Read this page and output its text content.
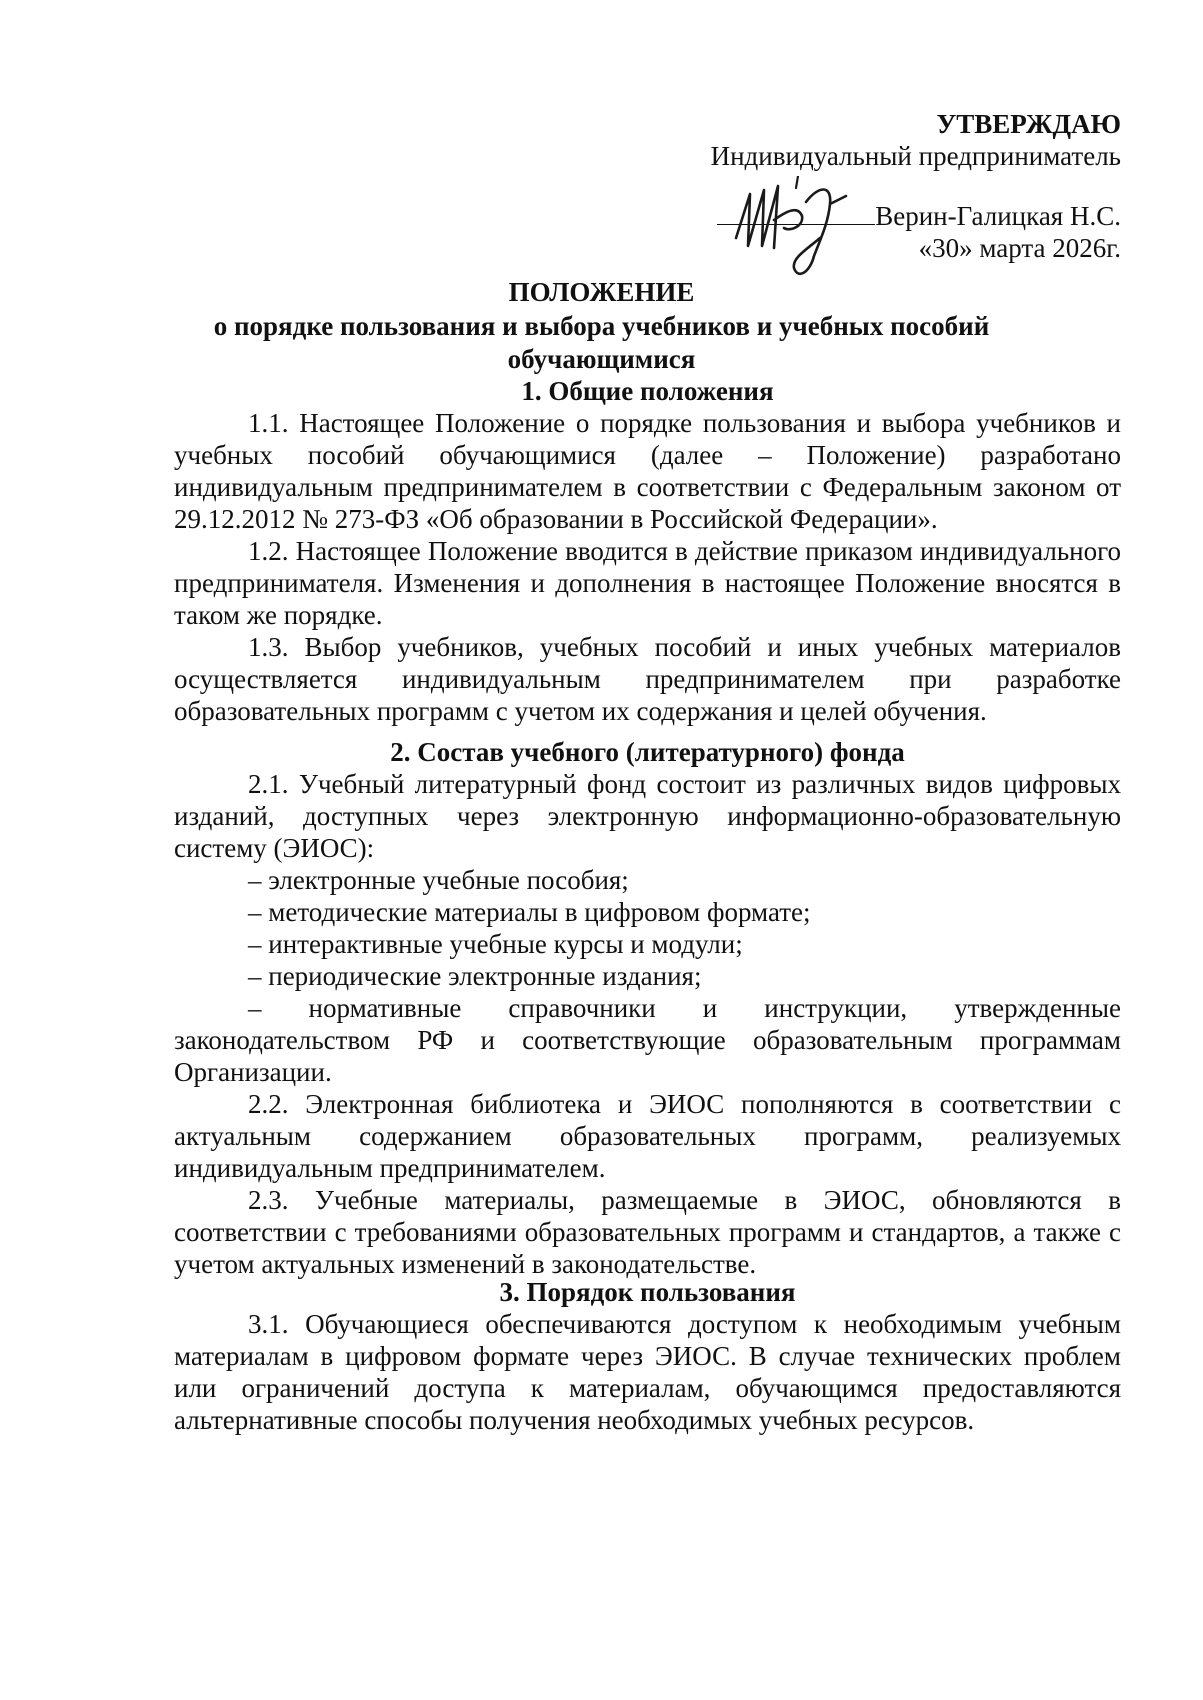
УТВЕРЖДАЮ
Индивидуальный предприниматель
Верин-Галицкая Н.С.
«30» марта 2026г.
ПОЛОЖЕНИЕ
о порядке пользования и выбора учебников и учебных пособий
обучающимися
1. Общие положения

1.1. Настоящее Положение о порядке пользования и выбора учебников и учебных пособий обучающимися (далее – Положение) разработано индивидуальным предпринимателем в соответствии с Федеральным законом от 29.12.2012 № 273-ФЗ «Об образовании в Российской Федерации».

1.2. Настоящее Положение вводится в действие приказом индивидуального предпринимателя. Изменения и дополнения в настоящее Положение вносятся в таком же порядке.

1.3. Выбор учебников, учебных пособий и иных учебных материалов осуществляется индивидуальным предпринимателем при разработке образовательных программ с учетом их содержания и целей обучения.

2. Состав учебного (литературного) фонда

2.1. Учебный литературный фонд состоит из различных видов цифровых изданий, доступных через электронную информационно-образовательную систему (ЭИОС):

– электронные учебные пособия;
– методические материалы в цифровом формате;
– интерактивные учебные курсы и модули;
– периодические электронные издания;

– нормативные справочники и инструкции, утвержденные законодательством РФ и соответствующие образовательным программам Организации.

2.2. Электронная библиотека и ЭИОС пополняются в соответствии с актуальным содержанием образовательных программ, реализуемых индивидуальным предпринимателем.

2.3. Учебные материалы, размещаемые в ЭИОС, обновляются в соответствии с требованиями образовательных программ и стандартов, а также с учетом актуальных изменений в законодательстве.

3. Порядок пользования

3.1. Обучающиеся обеспечиваются доступом к необходимым учебным материалам в цифровом формате через ЭИОС. В случае технических проблем или ограничений доступа к материалам, обучающимся предоставляются альтернативные способы получения необходимых учебных ресурсов.
